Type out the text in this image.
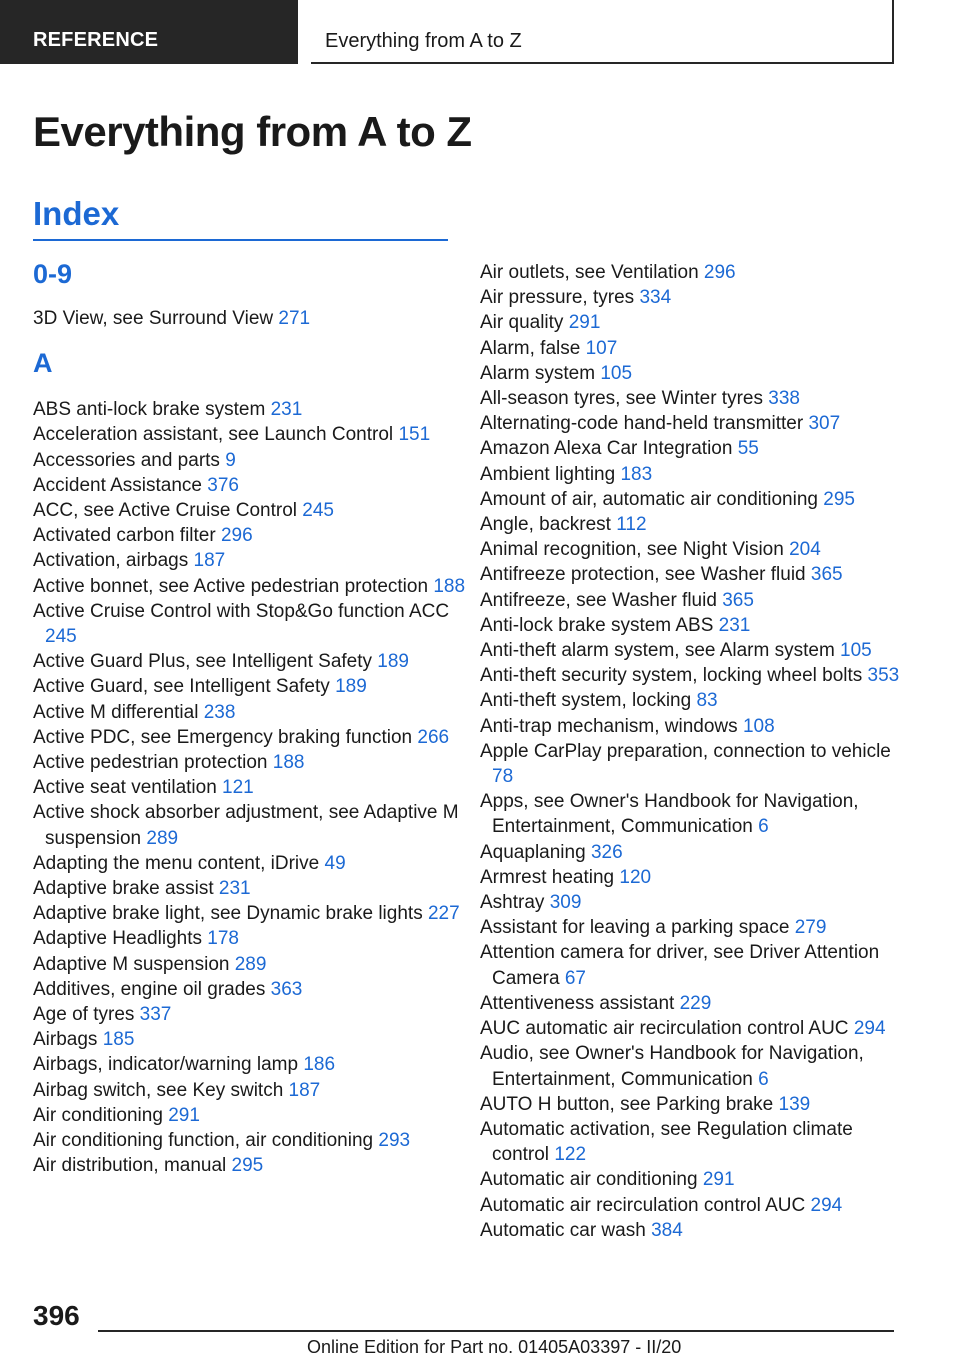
REFERENCE	Everything from A to Z
Everything from A to Z
Index
0-9

3D View, see Surround View 271

A

ABS anti-lock brake system 231

Acceleration assistant, see Launch Control 151

Accessories and parts 9

Accident Assistance 376

ACC, see Active Cruise Control 245

Activated carbon filter 296

Activation, airbags 187

Active bonnet, see Active pedestrian protection 188

Active Cruise Control with Stop&Go function ACC 245

Active Guard Plus, see Intelligent Safety 189

Active Guard, see Intelligent Safety 189

Active M differential 238

Active PDC, see Emergency braking function 266

Active pedestrian protection 188

Active seat ventilation 121

Active shock absorber adjustment, see Adaptive M suspension 289

Adapting the menu content, iDrive 49

Adaptive brake assist 231

Adaptive brake light, see Dynamic brake lights 227

Adaptive Headlights 178

Adaptive M suspension 289

Additives, engine oil grades 363

Age of tyres 337

Airbags 185

Airbags, indicator/warning lamp 186

Airbag switch, see Key switch 187

Air conditioning 291

Air conditioning function, air conditioning 293

Air distribution, manual 295

Air outlets, see Ventilation 296

Air pressure, tyres 334

Air quality 291

Alarm, false 107

Alarm system 105

All-season tyres, see Winter tyres 338

Alternating-code hand-held transmitter 307

Amazon Alexa Car Integration 55

Ambient lighting 183

Amount of air, automatic air conditioning 295

Angle, backrest 112

Animal recognition, see Night Vision 204

Antifreeze protection, see Washer fluid 365

Antifreeze, see Washer fluid 365

Anti-lock brake system ABS 231

Anti-theft alarm system, see Alarm system 105

Anti-theft security system, locking wheel bolts 353

Anti-theft system, locking 83

Anti-trap mechanism, windows 108

Apple CarPlay preparation, connection to vehicle 78

Apps, see Owner's Handbook for Navigation, Entertainment, Communication 6

Aquaplaning 326

Armrest heating 120

Ashtray 309

Assistant for leaving a parking space 279

Attention camera for driver, see Driver Attention Camera 67

Attentiveness assistant 229

AUC automatic air recirculation control AUC 294

Audio, see Owner's Handbook for Navigation, Entertainment, Communication 6

AUTO H button, see Parking brake 139

Automatic activation, see Regulation climate control 122

Automatic air conditioning 291

Automatic air recirculation control AUC 294

Automatic car wash 384

396
Online Edition for Part no. 01405A03397 - II/20
